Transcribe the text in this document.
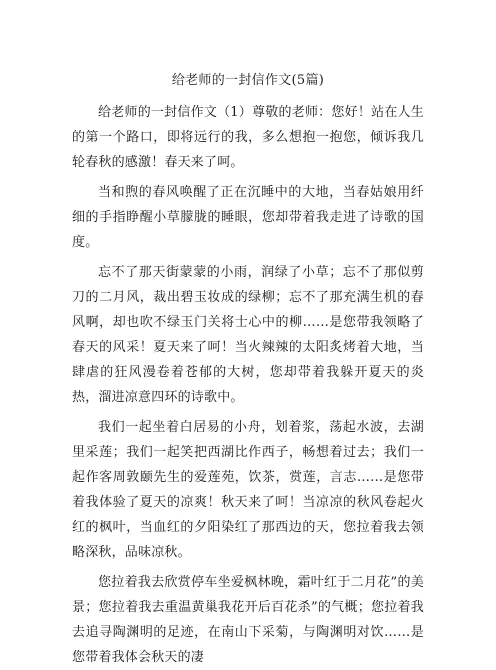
给老师的一封信作文(5篇)

给老师的一封信作文（1）尊敬的老师：您好！站在人生的第一个路口，即将远行的我，多么想抱一抱您，倾诉我几轮春秋的感激！春天来了呵。

当和煦的春风唤醒了正在沉睡中的大地，当春姑娘用纤细的手指睁醒小草朦胧的睡眼，您却带着我走进了诗歌的国度。

忘不了那天街蒙蒙的小雨，润绿了小草；忘不了那似剪刀的二月风，裁出碧玉妆成的绿柳；忘不了那充满生机的春风啊，却也吹不绿玉门关将士心中的柳……是您带我领略了春天的风采！夏天来了呵！当火辣辣的太阳炙烤着大地，当肆虐的狂风漫卷着苍郁的大树，您却带着我躲开夏天的炎热，溜进凉意四环的诗歌中。

我们一起坐着白居易的小舟，划着浆，荡起水波，去湖里采莲；我们一起笑把西湖比作西子，畅想着过去；我们一起作客周敦颐先生的爱莲苑，饮茶，赏莲，言志……是您带着我体验了夏天的凉爽！秋天来了呵！当凉凉的秋风卷起火红的枫叶，当血红的夕阳染红了那西边的天，您拉着我去领略深秋，品味凉秋。

您拉着我去欣赏停车坐爱枫林晚，霜叶红于二月花”的美景；您拉着我去重温黄巢我花开后百花杀”的气概；您拉着我去追寻陶渊明的足迹，在南山下采菊，与陶渊明对饮……是您带着我体会秋天的凄
